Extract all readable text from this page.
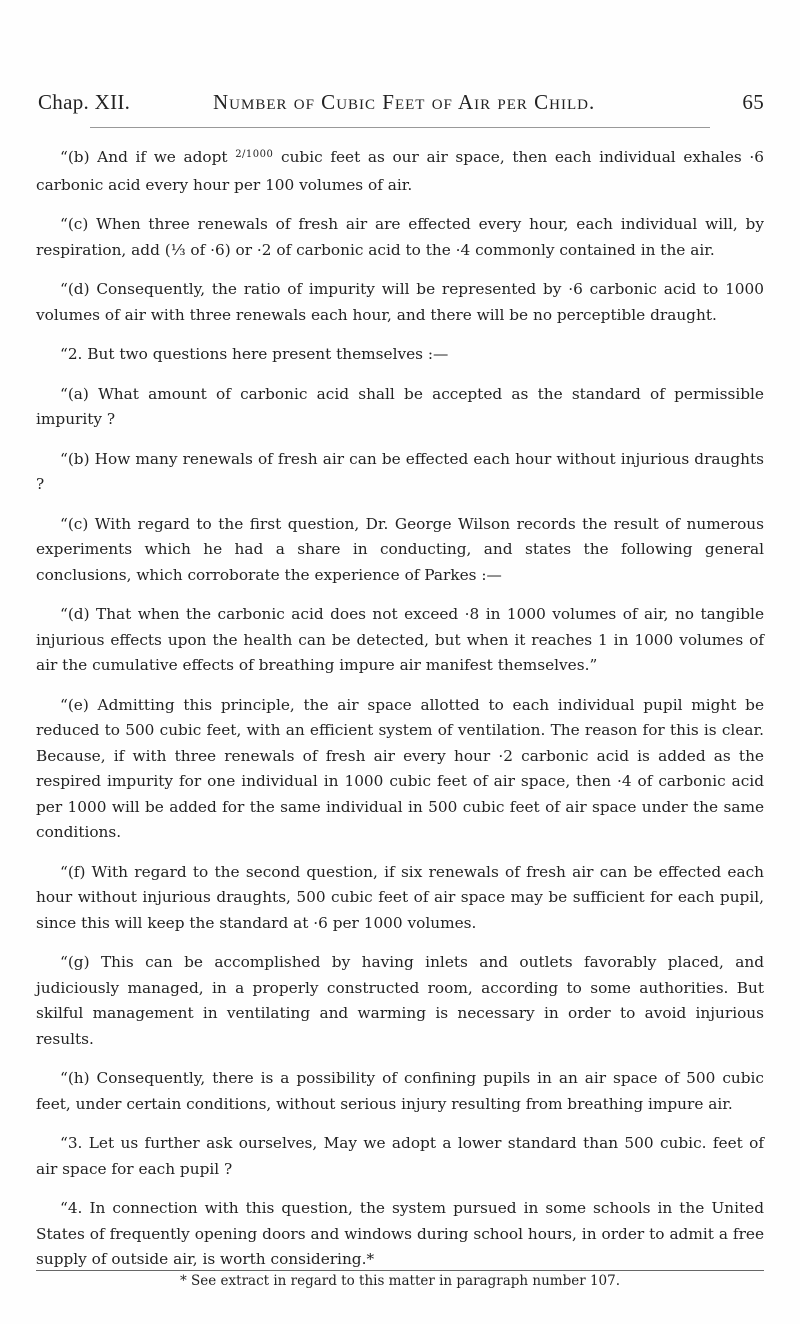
Chap. XII.	Number of Cubic Feet of Air per Child.	65

“(b) And if we adopt $^{2/1000}$ cubic feet as our air space, then each individual exhales ·6 carbonic acid every hour per 100 volumes of air.

“(c) When three renewals of fresh air are effected every hour, each individual will, by respiration, add (⅓ of ·6) or ·2 of carbonic acid to the ·4 commonly contained in the air.

“(d) Consequently, the ratio of impurity will be represented by ·6 carbonic acid to 1000 volumes of air with three renewals each hour, and there will be no perceptible draught.

“2. But two questions here present themselves :—

“(a) What amount of carbonic acid shall be accepted as the standard of permissible impurity ?

“(b) How many renewals of fresh air can be effected each hour without injurious draughts ?

“(c) With regard to the first question, Dr. George Wilson records the result of numerous experiments which he had a share in conducting, and states the following general conclusions, which corroborate the experience of Parkes :—

“(d) That when the carbonic acid does not exceed ·8 in 1000 volumes of air, no tangible injurious effects upon the health can be detected, but when it reaches 1 in 1000 volumes of air the cumulative effects of breathing impure air manifest themselves.”

“(e) Admitting this principle, the air space allotted to each individual pupil might be reduced to 500 cubic feet, with an efficient system of ventilation. The reason for this is clear. Because, if with three renewals of fresh air every hour ·2 carbonic acid is added as the respired impurity for one individual in 1000 cubic feet of air space, then ·4 of carbonic acid per 1000 will be added for the same individual in 500 cubic feet of air space under the same conditions.

“(f) With regard to the second question, if six renewals of fresh air can be effected each hour without injurious draughts, 500 cubic feet of air space may be sufficient for each pupil, since this will keep the standard at ·6 per 1000 volumes.

“(g) This can be accomplished by having inlets and outlets favorably placed, and judiciously managed, in a properly constructed room, according to some authorities. But skilful management in ventilating and warming is necessary in order to avoid injurious results.

“(h) Consequently, there is a possibility of confining pupils in an air space of 500 cubic feet, under certain conditions, without serious injury resulting from breathing impure air.

“3. Let us further ask ourselves, May we adopt a lower standard than 500 cubic. feet of air space for each pupil ?

“4. In connection with this question, the system pursued in some schools in the United States of frequently opening doors and windows during school hours, in order to admit a free supply of outside air, is worth considering.*

* See extract in regard to this matter in paragraph number 107.
